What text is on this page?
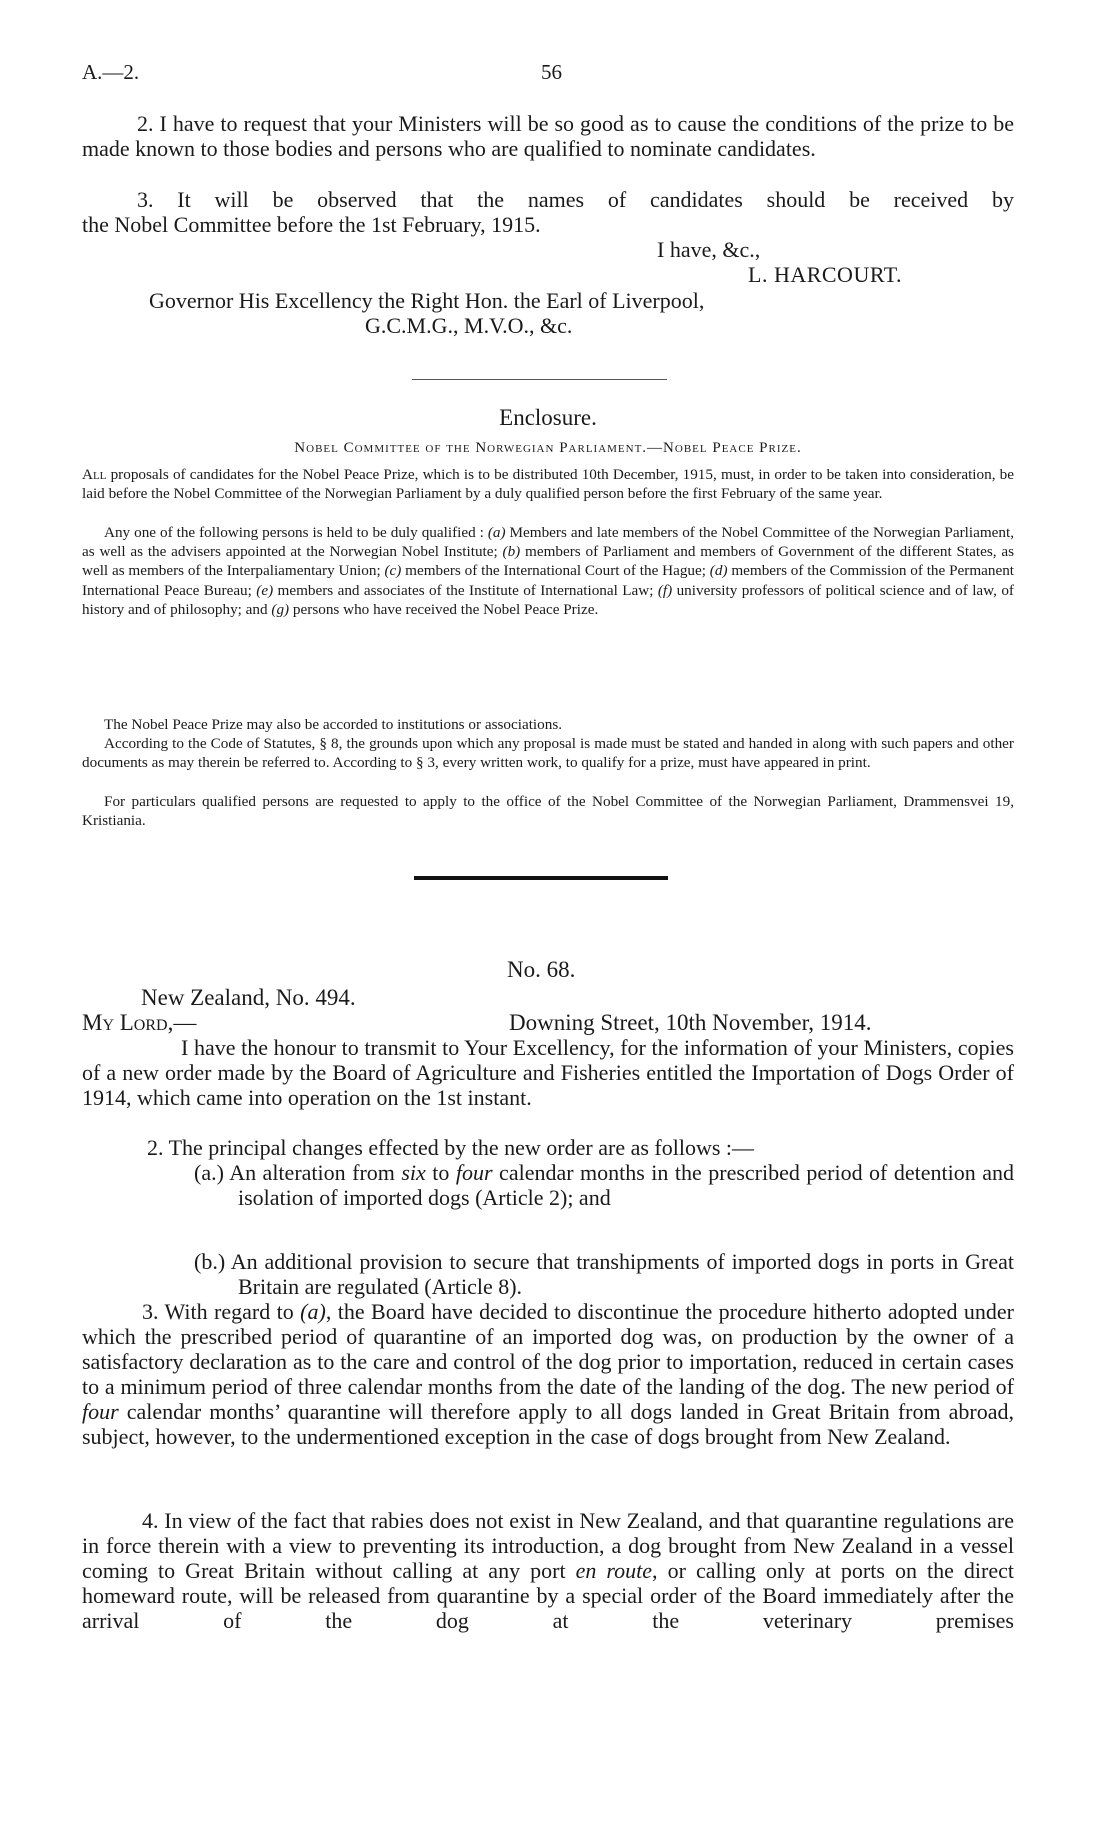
A.—2.	56
2. I have to request that your Ministers will be so good as to cause the conditions of the prize to be made known to those bodies and persons who are qualified to nominate candidates.
3. It will be observed that the names of candidates should be received by
the Nobel Committee before the 1st February, 1915.
I have, &c.,
L. HARCOURT.
Governor His Excellency the Right Hon. the Earl of Liverpool,
G.C.M.G., M.V.O., &c.
Enclosure.
Nobel Committee of the Norwegian Parliament.—Nobel Peace Prize.
All proposals of candidates for the Nobel Peace Prize, which is to be distributed 10th December, 1915, must, in order to be taken into consideration, be laid before the Nobel Committee of the Norwegian Parliament by a duly qualified person before the first February of the same year.
Any one of the following persons is held to be duly qualified : (a) Members and late members of the Nobel Committee of the Norwegian Parliament, as well as the advisers appointed at the Norwegian Nobel Institute; (b) members of Parliament and members of Government of the different States, as well as members of the Interpaliamentary Union; (c) members of the International Court of the Hague; (d) members of the Commission of the Permanent International Peace Bureau; (e) members and associates of the Institute of International Law; (f) university professors of political science and of law, of history and of philosophy; and (g) persons who have received the Nobel Peace Prize.
The Nobel Peace Prize may also be accorded to institutions or associations.
According to the Code of Statutes, § 8, the grounds upon which any proposal is made must be stated and handed in along with such papers and other documents as may therein be referred to. According to § 3, every written work, to qualify for a prize, must have appeared in print.
For particulars qualified persons are requested to apply to the office of the Nobel Committee of the Norwegian Parliament, Drammensvei 19, Kristiania.
No. 68.
New Zealand, No. 494.
My Lord,—	Downing Street, 10th November, 1914.
I have the honour to transmit to Your Excellency, for the information of your Ministers, copies of a new order made by the Board of Agriculture and Fisheries entitled the Importation of Dogs Order of 1914, which came into operation on the 1st instant.
2. The principal changes effected by the new order are as follows :—
(a.) An alteration from six to four calendar months in the prescribed period of detention and isolation of imported dogs (Article 2); and
(b.) An additional provision to secure that transhipments of imported dogs in ports in Great Britain are regulated (Article 8).
3. With regard to (a), the Board have decided to discontinue the procedure hitherto adopted under which the prescribed period of quarantine of an imported dog was, on production by the owner of a satisfactory declaration as to the care and control of the dog prior to importation, reduced in certain cases to a minimum period of three calendar months from the date of the landing of the dog. The new period of four calendar months’ quarantine will therefore apply to all dogs landed in Great Britain from abroad, subject, however, to the undermentioned exception in the case of dogs brought from New Zealand.
4. In view of the fact that rabies does not exist in New Zealand, and that quarantine regulations are in force therein with a view to preventing its introduction, a dog brought from New Zealand in a vessel coming to Great Britain without calling at any port en route, or calling only at ports on the direct homeward route, will be released from quarantine by a special order of the Board immediately after the arrival of the dog at the veterinary premises
